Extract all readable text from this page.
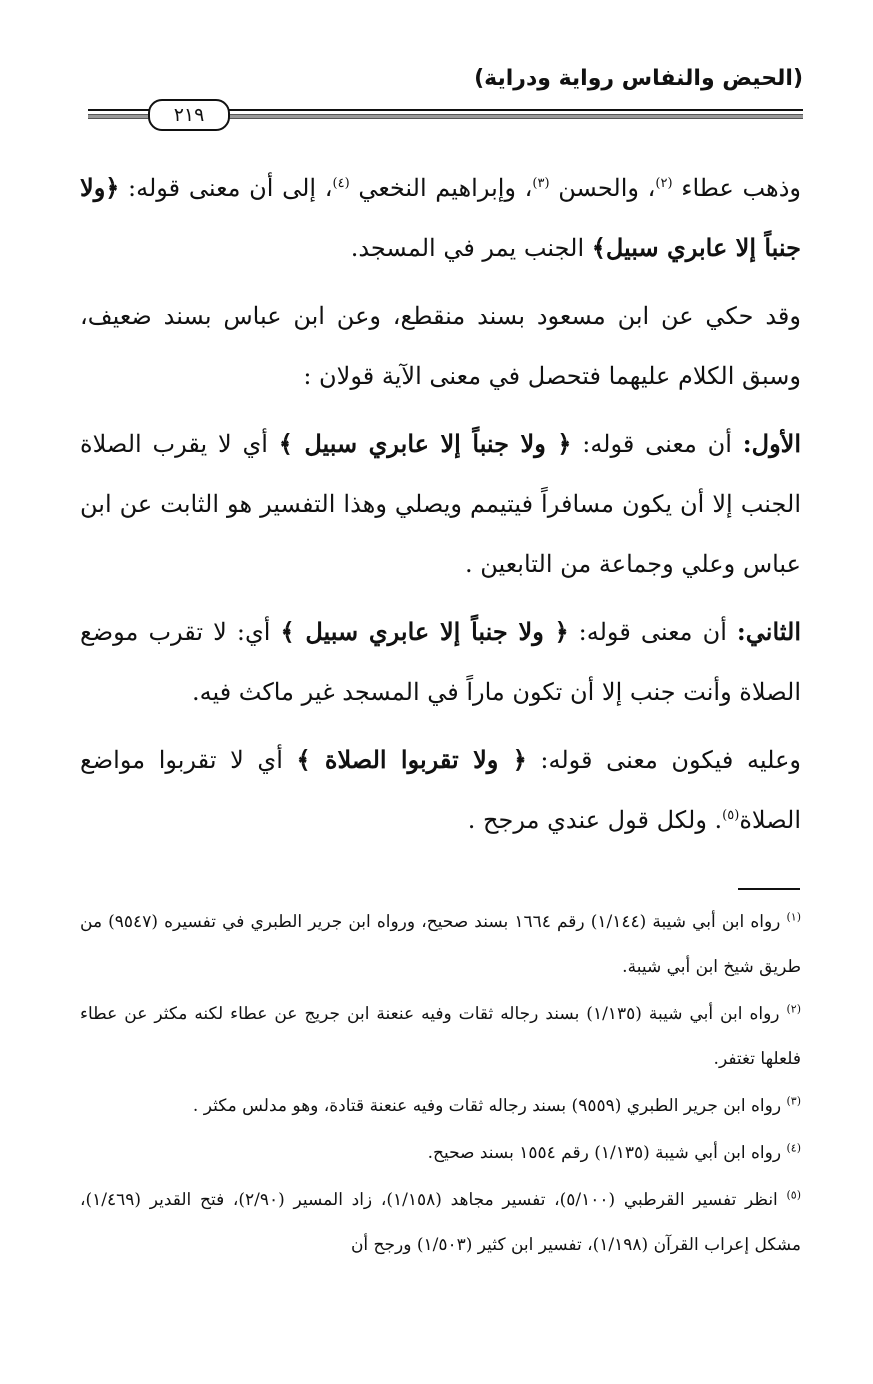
(الحيض والنفاس رواية ودراية)
٢١٩

وذهب عطاء $^{(٢)}$، والحسن $^{(٣)}$، وإبراهيم النخعي $^{(٤)}$، إلى أن معنى قوله: ﴿ولا جنباً إلا عابري سبيل﴾ الجنب يمر في المسجد.

وقد حكي عن ابن مسعود بسند منقطع، وعن ابن عباس بسند ضعيف، وسبق الكلام عليهما فتحصل في معنى الآية قولان :

الأول: أن معنى قوله: ﴿ ولا جنباً إلا عابري سبيل ﴾ أي لا يقرب الصلاة الجنب إلا أن يكون مسافراً فيتيمم ويصلي وهذا التفسير هو الثابت عن ابن عباس وعلي وجماعة من التابعين .

الثاني: أن معنى قوله: ﴿ ولا جنباً إلا عابري سبيل ﴾ أي: لا تقرب موضع الصلاة وأنت جنب إلا أن تكون ماراً في المسجد غير ماكث فيه.

وعليه فيكون معنى قوله: ﴿ ولا تقربوا الصلاة ﴾ أي لا تقربوا مواضع الصلاة$^{(٥)}$. ولكل قول عندي مرجح .

$^{(١)}$ رواه ابن أبي شيبة (١/١٤٤) رقم ١٦٦٤ بسند صحيح، ورواه ابن جرير الطبري في تفسيره (٩٥٤٧) من طريق شيخ ابن أبي شيبة.

$^{(٢)}$ رواه ابن أبي شيبة (١/١٣٥) بسند رجاله ثقات وفيه عنعنة ابن جريج عن عطاء لكنه مكثر عن عطاء فلعلها تغتفر.

$^{(٣)}$ رواه ابن جرير الطبري (٩٥٥٩) بسند رجاله ثقات وفيه عنعنة قتادة، وهو مدلس مكثر .

$^{(٤)}$ رواه ابن أبي شيبة (١/١٣٥) رقم ١٥٥٤ بسند صحيح.

$^{(٥)}$ انظر تفسير القرطبي (٥/١٠٠)، تفسير مجاهد (١/١٥٨)، زاد المسير (٢/٩٠)، فتح القدير (١/٤٦٩)، مشكل إعراب القرآن (١/١٩٨)، تفسير ابن كثير (١/٥٠٣) ورجح أن
